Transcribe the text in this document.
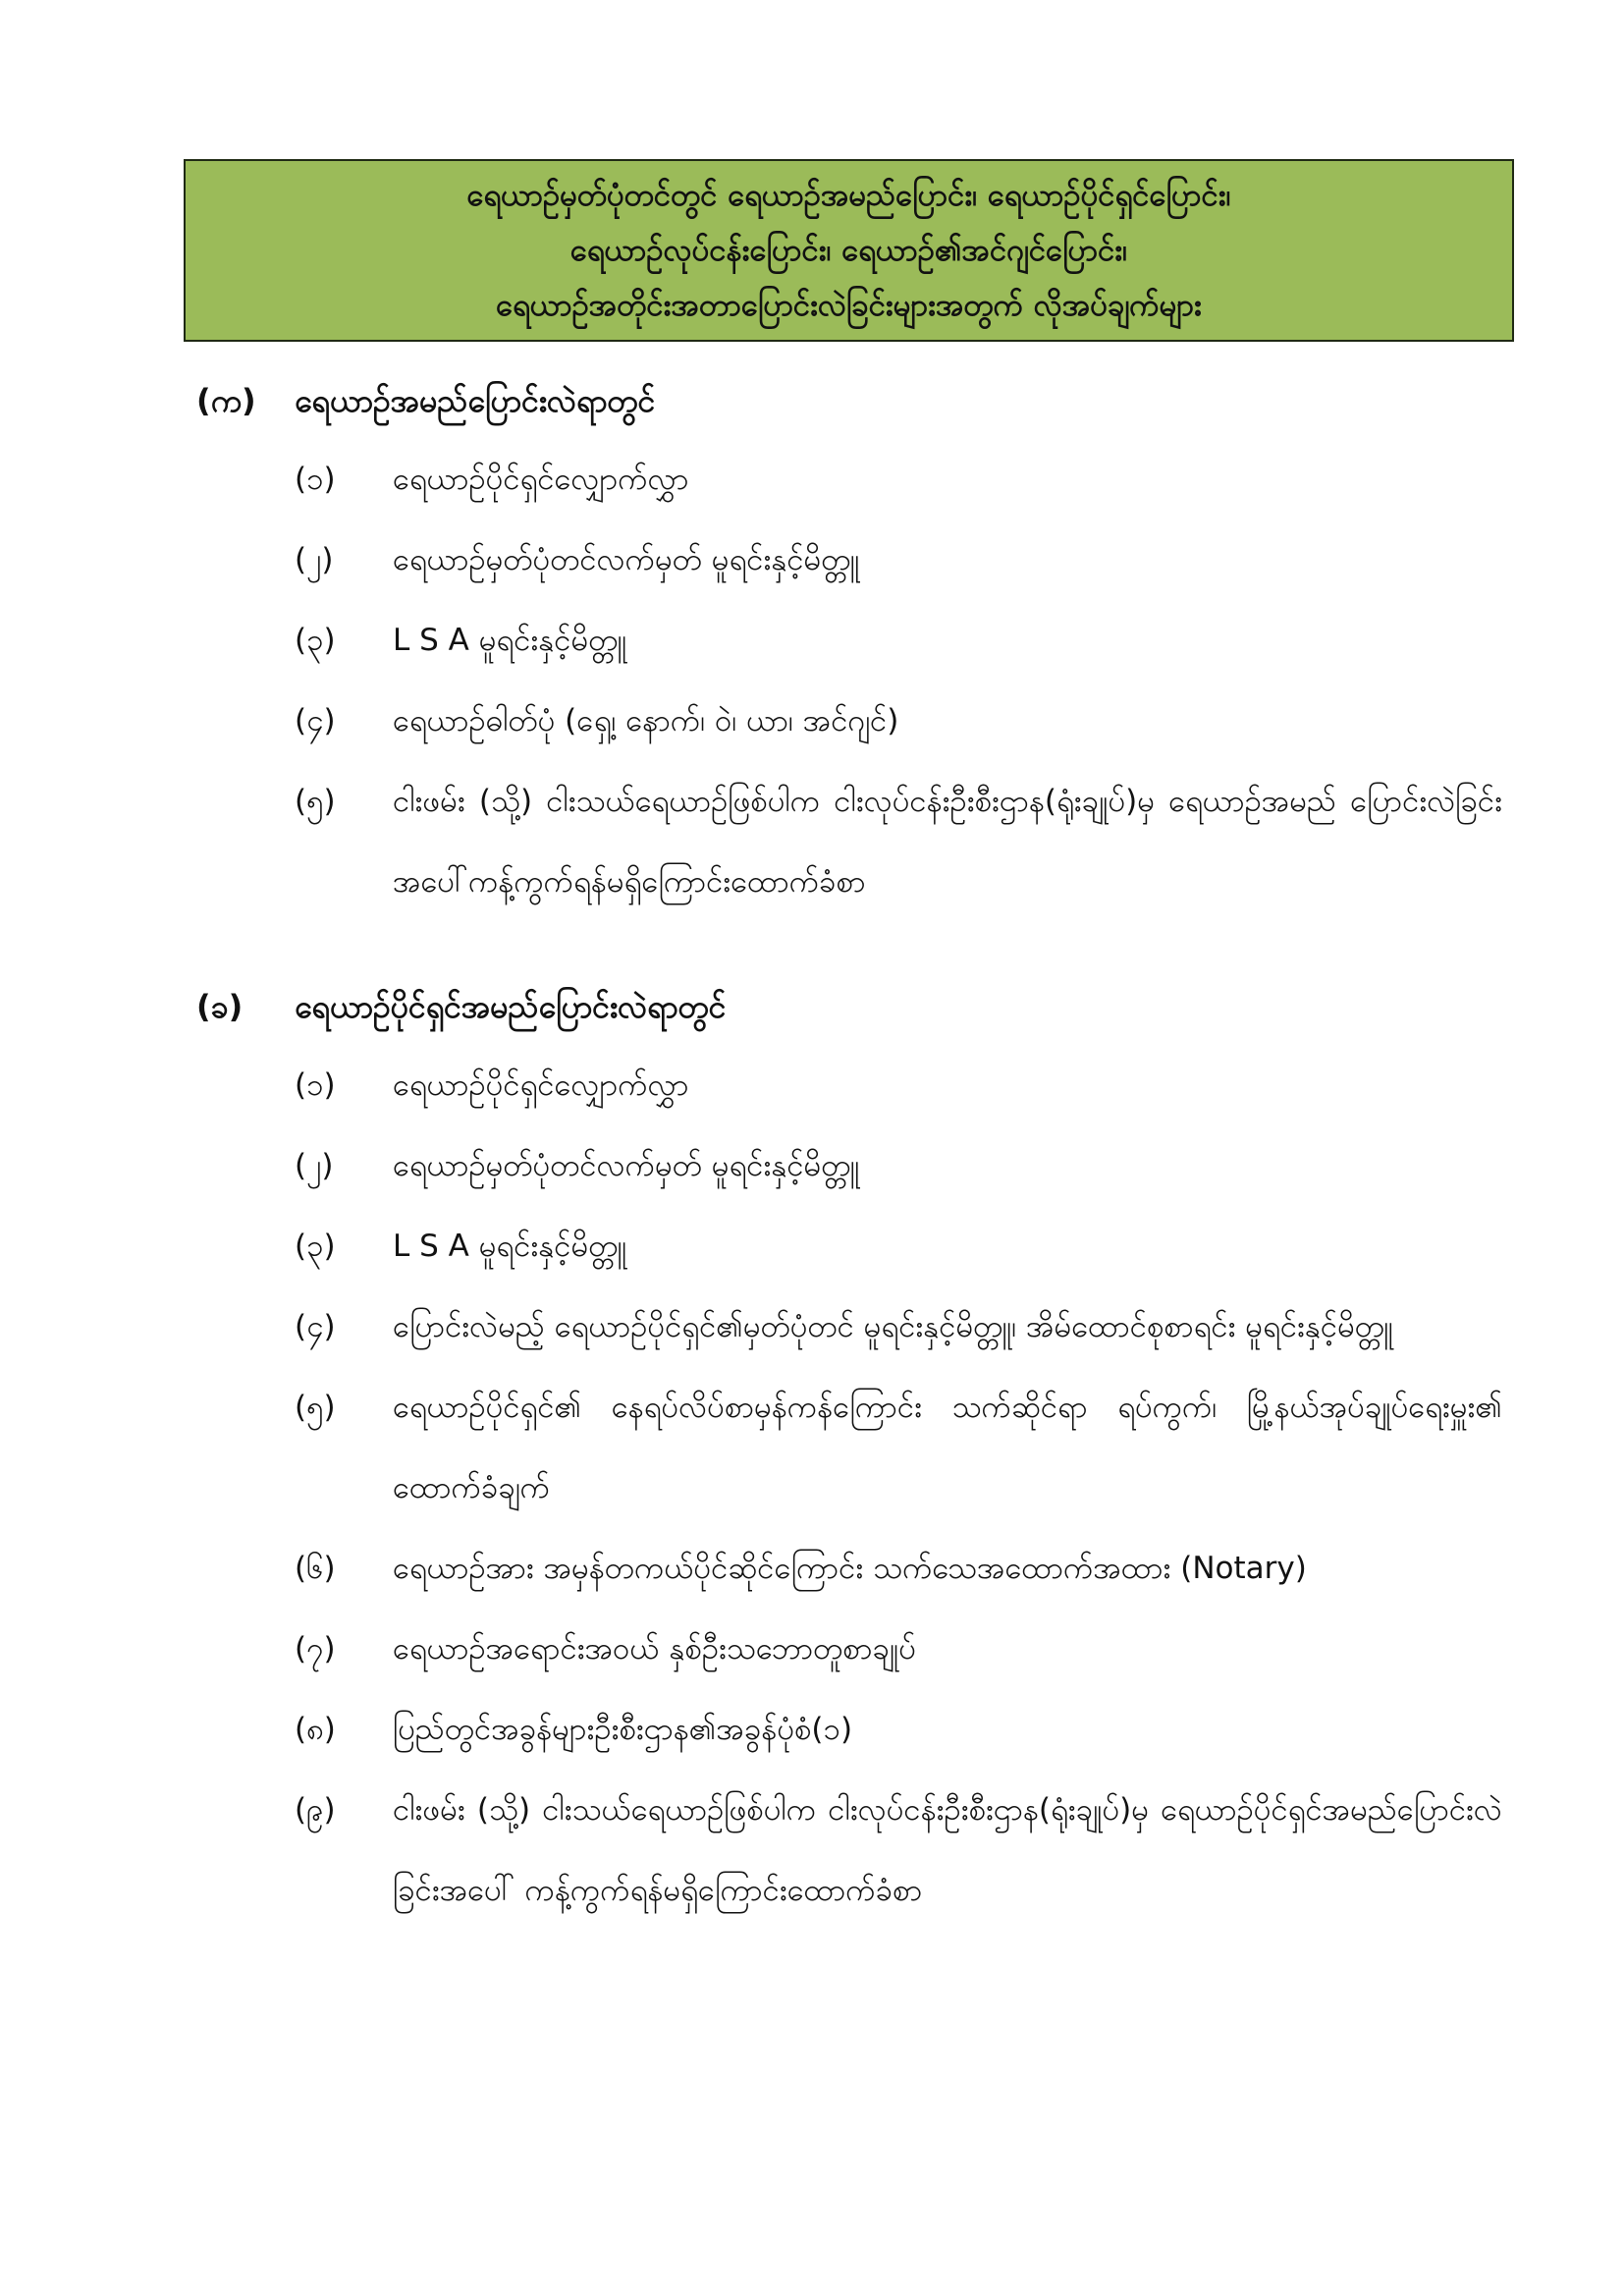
ရေယာဉ်မှတ်ပုံတင်တွင် ရေယာဉ်အမည်ပြောင်း၊ ရေယာဉ်ပိုင်ရှင်ပြောင်း၊
ရေယာဉ်လုပ်ငန်းပြောင်း၊ ရေယာဉ်၏အင်ဂျင်ပြောင်း၊
ရေယာဉ်အတိုင်းအတာပြောင်းလဲခြင်းများအတွက် လိုအပ်ချက်များ
(က)	ရေယာဉ်အမည်ပြောင်းလဲရာတွင်
(၁)	ရေယာဉ်ပိုင်ရှင်လျှောက်လွှာ
(၂)	ရေယာဉ်မှတ်ပုံတင်လက်မှတ် မူရင်းနှင့်မိတ္တူ
(၃)	L S A မူရင်းနှင့်မိတ္တူ
(၄)	ရေယာဉ်ဓါတ်ပုံ (ရှေ့၊ နောက်၊ ဝဲ၊ ယာ၊ အင်ဂျင်)
(၅)	ငါးဖမ်း (သို့) ငါးသယ်ရေယာဉ်ဖြစ်ပါက ငါးလုပ်ငန်းဦးစီးဌာန(ရုံးချုပ်)မှ ရေယာဉ်အမည် ပြောင်းလဲခြင်း အပေါ်ကန့်ကွက်ရန်မရှိကြောင်းထောက်ခံစာ
(ခ)	ရေယာဉ်ပိုင်ရှင်အမည်ပြောင်းလဲရာတွင်
(၁)	ရေယာဉ်ပိုင်ရှင်လျှောက်လွှာ
(၂)	ရေယာဉ်မှတ်ပုံတင်လက်မှတ် မူရင်းနှင့်မိတ္တူ
(၃)	L S A မူရင်းနှင့်မိတ္တူ
(၄)	ပြောင်းလဲမည့် ရေယာဉ်ပိုင်ရှင်၏မှတ်ပုံတင် မူရင်းနှင့်မိတ္တူ၊ အိမ်ထောင်စုစာရင်း မူရင်းနှင့်မိတ္တူ
(၅)	ရေယာဉ်ပိုင်ရှင်၏ နေရပ်လိပ်စာမှန်ကန်ကြောင်း သက်ဆိုင်ရာ ရပ်ကွက်၊ မြို့နယ်အုပ်ချုပ်ရေးမှူး၏ ထောက်ခံချက်
(၆)	ရေယာဉ်အား အမှန်တကယ်ပိုင်ဆိုင်ကြောင်း သက်သေအထောက်အထား (Notary)
(၇)	ရေယာဉ်အရောင်းအဝယ် နှစ်ဦးသဘောတူစာချုပ်
(၈)	ပြည်တွင်အခွန်များဦးစီးဌာန၏အခွန်ပုံစံ(၁)
(၉)	ငါးဖမ်း (သို့) ငါးသယ်ရေယာဉ်ဖြစ်ပါက ငါးလုပ်ငန်းဦးစီးဌာန(ရုံးချုပ်)မှ ရေယာဉ်ပိုင်ရှင်အမည်ပြောင်းလဲခြင်းအပေါ် ကန့်ကွက်ရန်မရှိကြောင်းထောက်ခံစာ
